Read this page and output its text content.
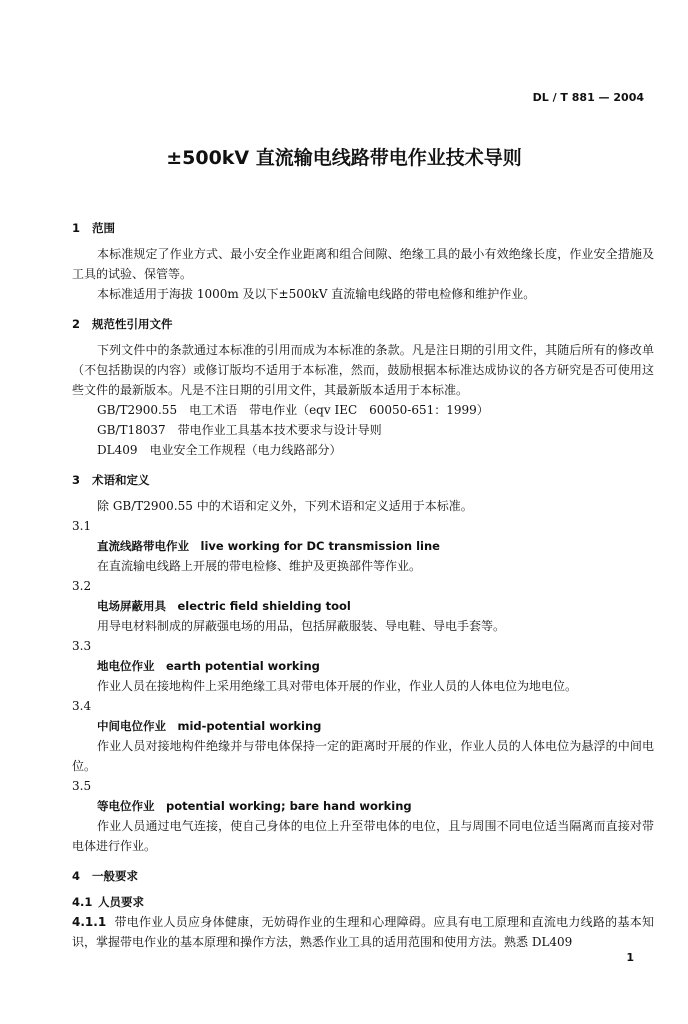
DL / T 881 — 2004
±500kV 直流输电线路带电作业技术导则

1 范围

本标准规定了作业方式、最小安全作业距离和组合间隙、绝缘工具的最小有效绝缘长度，作业安全措施及工具的试验、保管等。

本标准适用于海拔 1000m 及以下±500kV 直流输电线路的带电检修和维护作业。

2 规范性引用文件

下列文件中的条款通过本标准的引用而成为本标准的条款。凡是注日期的引用文件，其随后所有的修改单（不包括勘误的内容）或修订版均不适用于本标准，然而，鼓励根据本标准达成协议的各方研究是否可使用这些文件的最新版本。凡是不注日期的引用文件，其最新版本适用于本标准。

GB/T2900.55　电工术语　带电作业（eqv IEC　60050-651：1999）

GB/T18037　带电作业工具基本技术要求与设计导则

DL409　电业安全工作规程（电力线路部分）

3 术语和定义

除 GB/T2900.55 中的术语和定义外，下列术语和定义适用于本标准。

3.1

直流线路带电作业　live working for DC transmission line

在直流输电线路上开展的带电检修、维护及更换部件等作业。

3.2

电场屏蔽用具　electric field shielding tool

用导电材料制成的屏蔽强电场的用品，包括屏蔽服装、导电鞋、导电手套等。

3.3

地电位作业　earth potential working

作业人员在接地构件上采用绝缘工具对带电体开展的作业，作业人员的人体电位为地电位。

3.4

中间电位作业　mid-potential working

作业人员对接地构件绝缘并与带电体保持一定的距离时开展的作业，作业人员的人体电位为悬浮的中间电位。

3.5

等电位作业　potential working; bare hand working

作业人员通过电气连接，使自己身体的电位上升至带电体的电位，且与周围不同电位适当隔离而直接对带电体进行作业。

4 一般要求

4.1 人员要求

4.1.1 带电作业人员应身体健康，无妨碍作业的生理和心理障碍。应具有电工原理和直流电力线路的基本知识，掌握带电作业的基本原理和操作方法，熟悉作业工具的适用范围和使用方法。熟悉 DL409

1
